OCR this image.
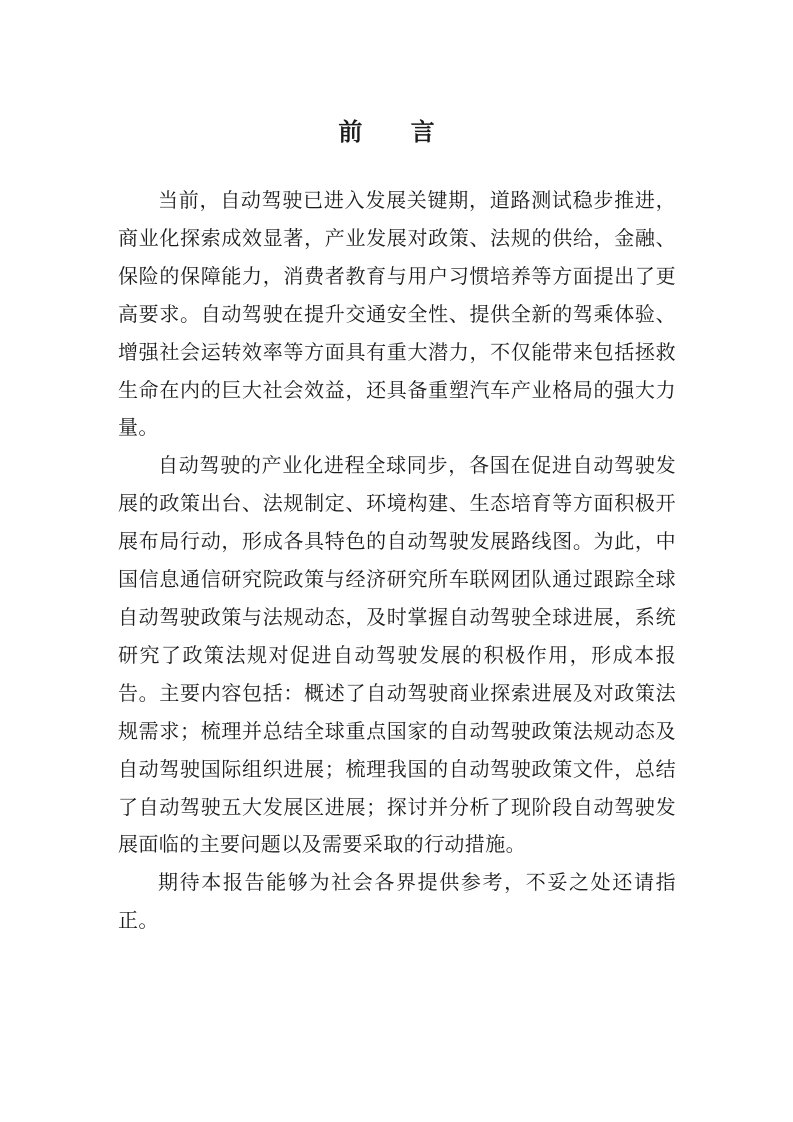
前 言

当前，自动驾驶已进入发展关键期，道路测试稳步推进，商业化探索成效显著，产业发展对政策、法规的供给，金融、保险的保障能力，消费者教育与用户习惯培养等方面提出了更高要求。自动驾驶在提升交通安全性、提供全新的驾乘体验、增强社会运转效率等方面具有重大潜力，不仅能带来包括拯救生命在内的巨大社会效益，还具备重塑汽车产业格局的强大力量。

自动驾驶的产业化进程全球同步，各国在促进自动驾驶发展的政策出台、法规制定、环境构建、生态培育等方面积极开展布局行动，形成各具特色的自动驾驶发展路线图。为此，中国信息通信研究院政策与经济研究所车联网团队通过跟踪全球自动驾驶政策与法规动态，及时掌握自动驾驶全球进展，系统研究了政策法规对促进自动驾驶发展的积极作用，形成本报告。主要内容包括：概述了自动驾驶商业探索进展及对政策法规需求；梳理并总结全球重点国家的自动驾驶政策法规动态及自动驾驶国际组织进展；梳理我国的自动驾驶政策文件，总结了自动驾驶五大发展区进展；探讨并分析了现阶段自动驾驶发展面临的主要问题以及需要采取的行动措施。

期待本报告能够为社会各界提供参考，不妥之处还请指正。
